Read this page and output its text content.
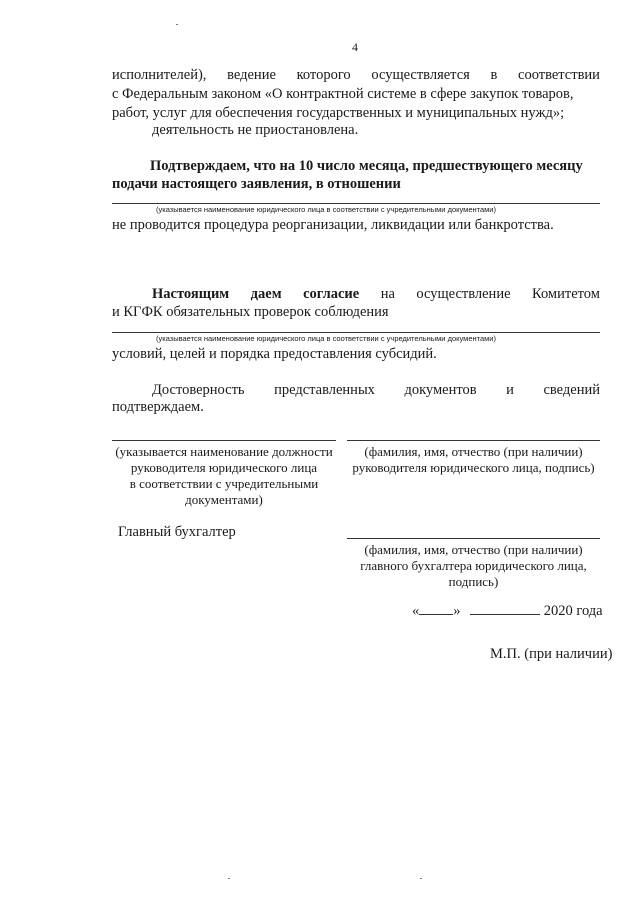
4
исполнителей), ведение которого осуществляется в соответствии
с Федеральным законом «О контрактной системе в сфере закупок товаров,
работ, услуг для обеспечения государственных и муниципальных нужд»;
деятельность не приостановлена.
Подтверждаем, что на 10 число месяца, предшествующего месяцу
подачи настоящего заявления, в отношении
(указывается наименование юридического лица в соответствии с учредительными документами)
не проводится процедура реорганизации, ликвидации или банкротства.
Настоящим даем согласие на осуществление Комитетом
и КГФК обязательных проверок соблюдения
(указывается наименование юридического лица в соответствии с учредительными документами)
условий, целей и порядка предоставления субсидий.
Достоверность представленных документов и сведений
подтверждаем.
(указывается наименование должности
руководителя юридического лица
в соответствии с учредительными
документами)
(фамилия, имя, отчество (при наличии)
руководителя юридического лица, подпись)
Главный бухгалтер
(фамилия, имя, отчество (при наличии)
главного бухгалтера юридического лица,
подпись)
« »	2020 года
М.П. (при наличии)
